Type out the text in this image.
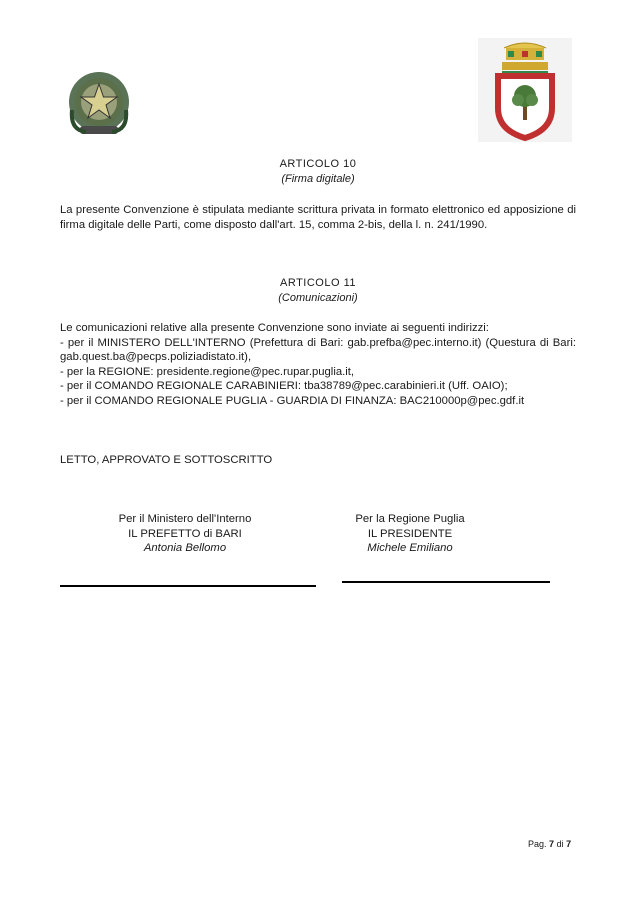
ARTICOLO 10
(Firma digitale)
La presente Convenzione è stipulata mediante scrittura privata in formato elettronico ed apposizione di firma digitale delle Parti, come disposto dall'art. 15, comma 2-bis, della l. n. 241/1990.
ARTICOLO 11
(Comunicazioni)
Le comunicazioni relative alla presente Convenzione sono inviate ai seguenti indirizzi:
- per il MINISTERO DELL'INTERNO (Prefettura di Bari: gab.prefba@pec.interno.it) (Questura di Bari: gab.quest.ba@pecps.poliziadistato.it),
- per la REGIONE: presidente.regione@pec.rupar.puglia.it,
- per il COMANDO REGIONALE CARABINIERI: tba38789@pec.carabinieri.it (Uff. OAIO);
- per il COMANDO REGIONALE PUGLIA - GUARDIA DI FINANZA: BAC210000p@pec.gdf.it
LETTO, APPROVATO E SOTTOSCRITTO
Per il Ministero dell'Interno
IL PREFETTO di BARI
Antonia Bellomo
Per la Regione Puglia
IL PRESIDENTE
Michele Emiliano
Pag. 7 di 7
